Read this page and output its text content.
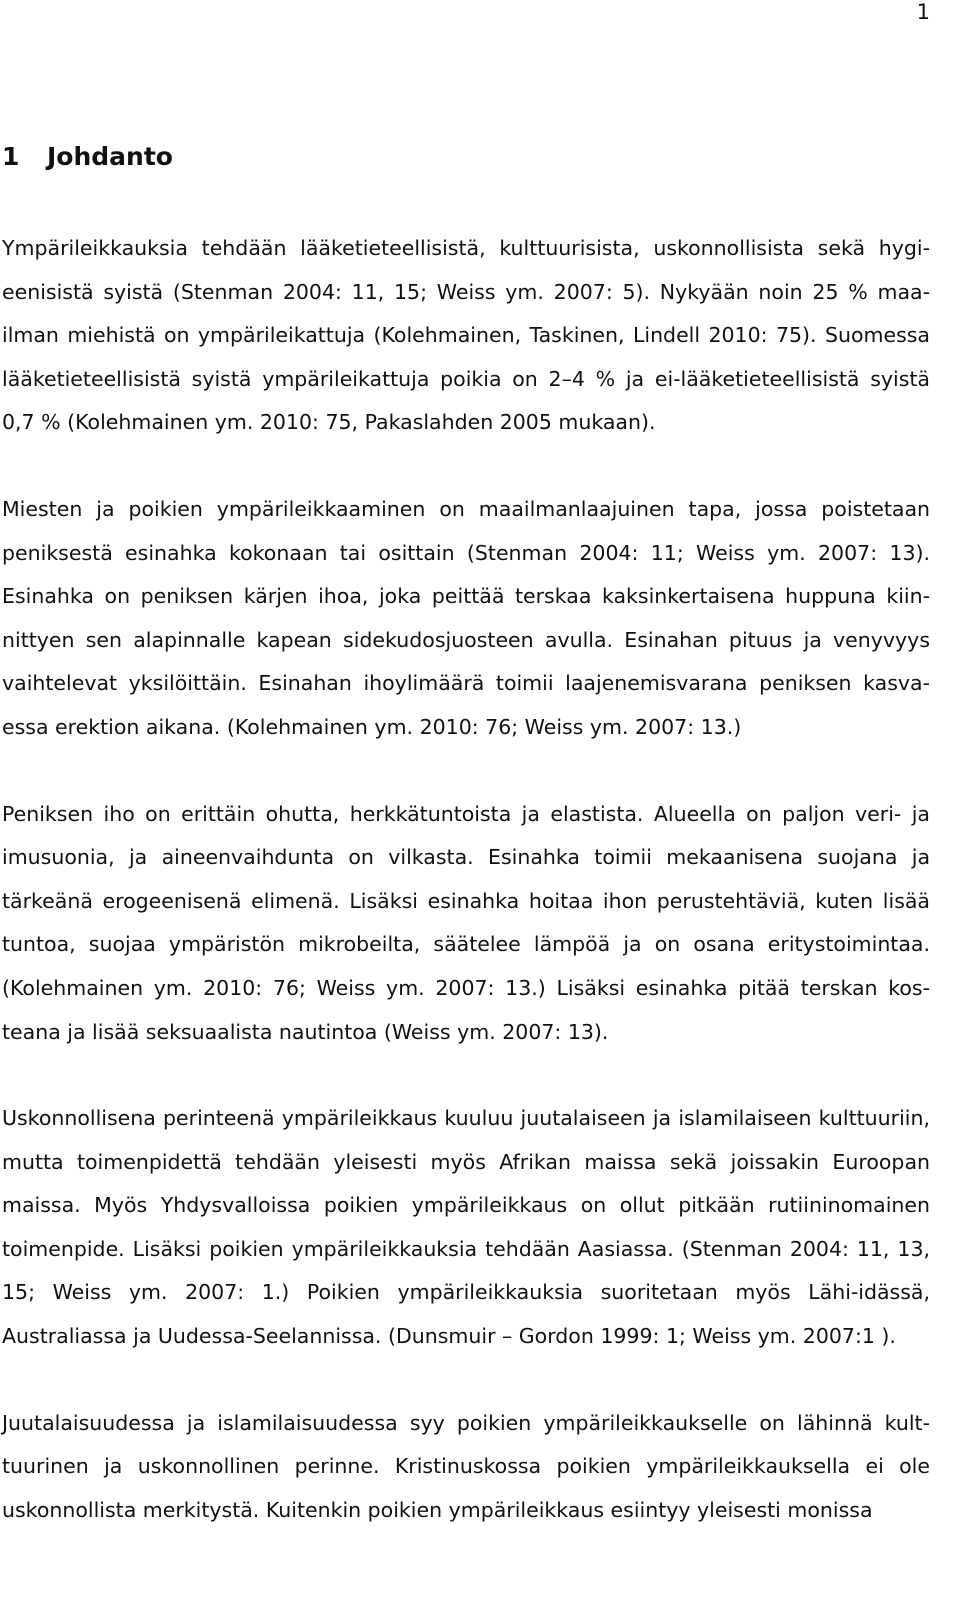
1
1 Johdanto

Ympärileikkauksia tehdään lääketieteellisistä, kulttuurisista, uskonnollisista sekä hygieenisistä syistä (Stenman 2004: 11, 15; Weiss ym. 2007: 5). Nykyään noin 25 % maailman miehistä on ympärileikattuja (Kolehmainen, Taskinen, Lindell 2010: 75). Suomessa lääketieteellisistä syistä ympärileikattuja poikia on 2–4 % ja ei-lääketieteellisistä syistä 0,7 % (Kolehmainen ym. 2010: 75, Pakaslahden 2005 mukaan).

Miesten ja poikien ympärileikkaaminen on maailmanlaajuinen tapa, jossa poistetaan peniksestä esinahka kokonaan tai osittain (Stenman 2004: 11; Weiss ym. 2007: 13). Esinahka on peniksen kärjen ihoa, joka peittää terskaa kaksinkertaisena huppuna kiinnittyen sen alapinnalle kapean sidekudosjuosteen avulla. Esinahan pituus ja venyvyys vaihtelevat yksilöittäin. Esinahan ihoylimäärä toimii laajenemisvarana peniksen kasvaessa erektion aikana. (Kolehmainen ym. 2010: 76; Weiss ym. 2007: 13.)

Peniksen iho on erittäin ohutta, herkkätuntoista ja elastista. Alueella on paljon veri- ja imusuonia, ja aineenvaihdunta on vilkasta. Esinahka toimii mekaanisena suojana ja tärkeänä erogeenisenä elimenä. Lisäksi esinahka hoitaa ihon perustehtäviä, kuten lisää tuntoa, suojaa ympäristön mikrobeilta, säätelee lämpöä ja on osana eritystoimintaa. (Kolehmainen ym. 2010: 76; Weiss ym. 2007: 13.) Lisäksi esinahka pitää terskan kosteana ja lisää seksuaalista nautintoa (Weiss ym. 2007: 13).

Uskonnollisena perinteenä ympärileikkaus kuuluu juutalaiseen ja islamilaiseen kulttuuriin, mutta toimenpidettä tehdään yleisesti myös Afrikan maissa sekä joissakin Euroopan maissa. Myös Yhdysvalloissa poikien ympärileikkaus on ollut pitkään rutiininomainen toimenpide. Lisäksi poikien ympärileikkauksia tehdään Aasiassa. (Stenman 2004: 11, 13, 15; Weiss ym. 2007: 1.) Poikien ympärileikkauksia suoritetaan myös Lähi-idässä, Australiassa ja Uudessa-Seelannissa. (Dunsmuir – Gordon 1999: 1; Weiss ym. 2007:1 ).

Juutalaisuudessa ja islamilaisuudessa syy poikien ympärileikkaukselle on lähinnä kulttuurinen ja uskonnollinen perinne. Kristinuskossa poikien ympärileikkauksella ei ole uskonnollista merkitystä. Kuitenkin poikien ympärileikkaus esiintyy yleisesti monissa
